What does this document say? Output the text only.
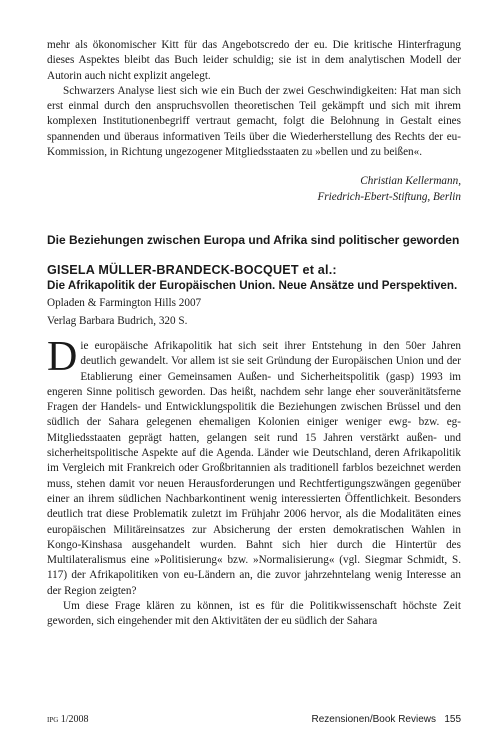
mehr als ökonomischer Kitt für das Angebotscredo der eu. Die kritische Hinterfragung dieses Aspektes bleibt das Buch leider schuldig; sie ist in dem analytischen Modell der Autorin auch nicht explizit angelegt.

Schwarzers Analyse liest sich wie ein Buch der zwei Geschwindigkeiten: Hat man sich erst einmal durch den anspruchsvollen theoretischen Teil gekämpft und sich mit ihrem komplexen Institutionenbegriff vertraut gemacht, folgt die Belohnung in Gestalt eines spannenden und überaus informativen Teils über die Wiederherstellung des Rechts der eu-Kommission, in Richtung ungezogener Mitgliedsstaaten zu »bellen und zu beißen«.

Christian Kellermann,
Friedrich-Ebert-Stiftung, Berlin
Die Beziehungen zwischen Europa und Afrika sind politischer geworden
GISELA MÜLLER-BRANDECK-BOCQUET et al.:
Die Afrikapolitik der Europäischen Union. Neue Ansätze und Perspektiven.
Opladen & Farmington Hills 2007
Verlag Barbara Budrich, 320 S.

Die europäische Afrikapolitik hat sich seit ihrer Entstehung in den 50er Jahren deutlich gewandelt. Vor allem ist sie seit Gründung der Europäischen Union und der Etablierung einer Gemeinsamen Außen- und Sicherheitspolitik (gasp) 1993 im engeren Sinne politisch geworden. Das heißt, nachdem sehr lange eher souveränitätsferne Fragen der Handels- und Entwicklungspolitik die Beziehungen zwischen Brüssel und den südlich der Sahara gelegenen ehemaligen Kolonien einiger weniger ewg- bzw. eg-Mitgliedsstaaten geprägt hatten, gelangen seit rund 15 Jahren verstärkt außen- und sicherheitspolitische Aspekte auf die Agenda. Länder wie Deutschland, deren Afrikapolitik im Vergleich mit Frankreich oder Großbritannien als traditionell farblos bezeichnet werden muss, stehen damit vor neuen Herausforderungen und Rechtfertigungszwängen gegenüber einer an ihrem südlichen Nachbarkontinent wenig interessierten Öffentlichkeit. Besonders deutlich trat diese Problematik zuletzt im Frühjahr 2006 hervor, als die Modalitäten eines europäischen Militäreinsatzes zur Absicherung der ersten demokratischen Wahlen in Kongo-Kinshasa ausgehandelt wurden. Bahnt sich hier durch die Hintertür des Multilateralismus eine »Politisierung« bzw. »Normalisierung« (vgl. Siegmar Schmidt, S. 117) der Afrikapolitiken von eu-Ländern an, die zuvor jahrzehntelang wenig Interesse an der Region zeigten?

Um diese Frage klären zu können, ist es für die Politikwissenschaft höchste Zeit geworden, sich eingehender mit den Aktivitäten der eu südlich der Sahara

ipg 1/2008	Rezensionen/Book Reviews   155
